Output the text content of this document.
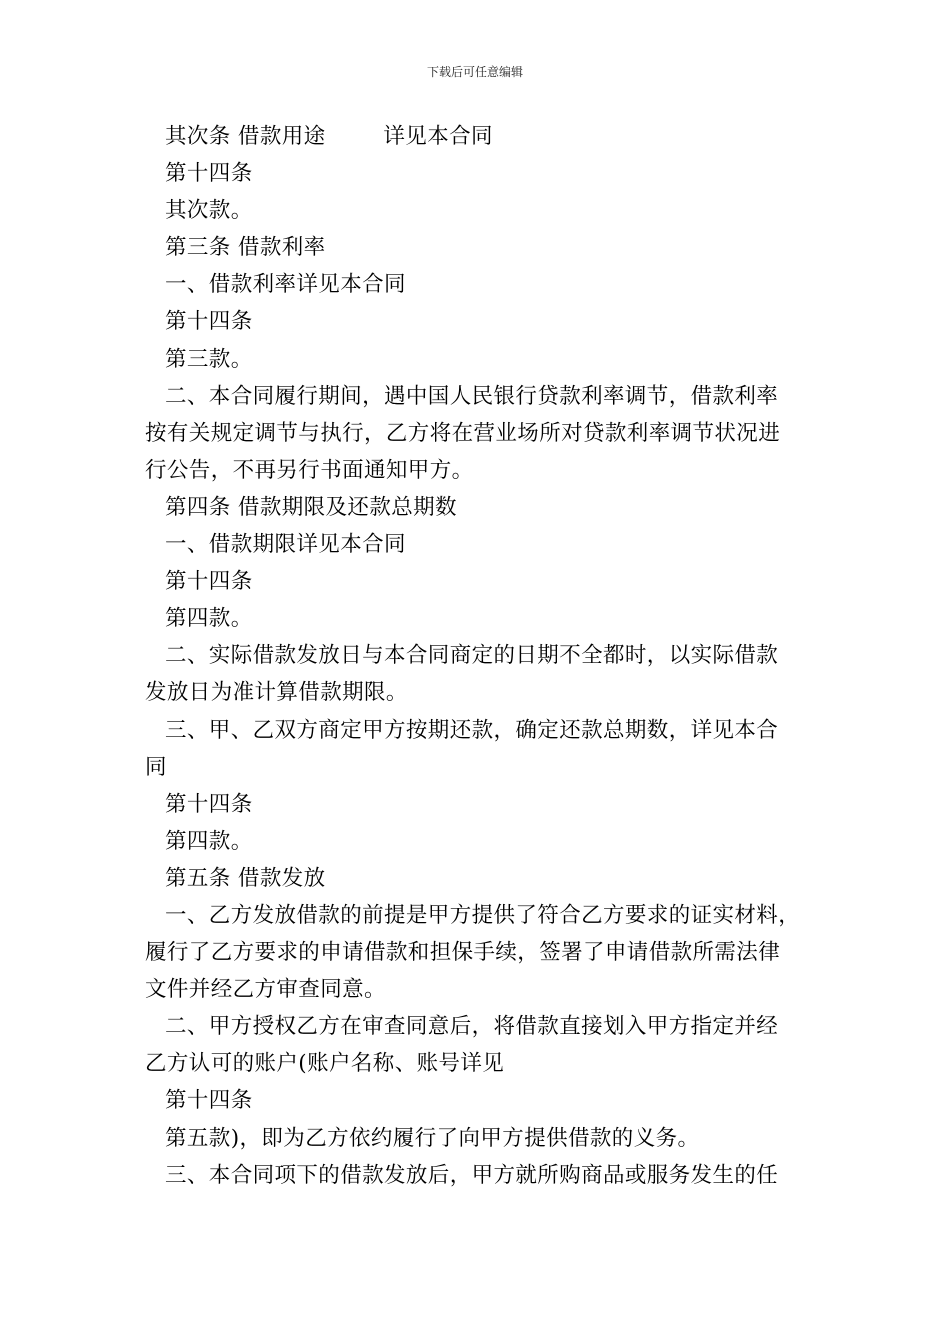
下载后可任意编辑
其次条 借款用途        详见本合同
第十四条
其次款。
第三条 借款利率
一、借款利率详见本合同
第十四条
第三款。
二、本合同履行期间，遇中国人民银行贷款利率调节，借款利率
按有关规定调节与执行，乙方将在营业场所对贷款利率调节状况进
行公告，不再另行书面通知甲方。
第四条 借款期限及还款总期数
一、借款期限详见本合同
第十四条
第四款。
二、实际借款发放日与本合同商定的日期不全都时，以实际借款
发放日为准计算借款期限。
三、甲、乙双方商定甲方按期还款，确定还款总期数，详见本合
同
第十四条
第四款。
第五条 借款发放
一、乙方发放借款的前提是甲方提供了符合乙方要求的证实材料，
履行了乙方要求的申请借款和担保手续，签署了申请借款所需法律
文件并经乙方审查同意。
二、甲方授权乙方在审查同意后，将借款直接划入甲方指定并经
乙方认可的账户(账户名称、账号详见
第十四条
第五款)，即为乙方依约履行了向甲方提供借款的义务。
三、本合同项下的借款发放后，甲方就所购商品或服务发生的任
